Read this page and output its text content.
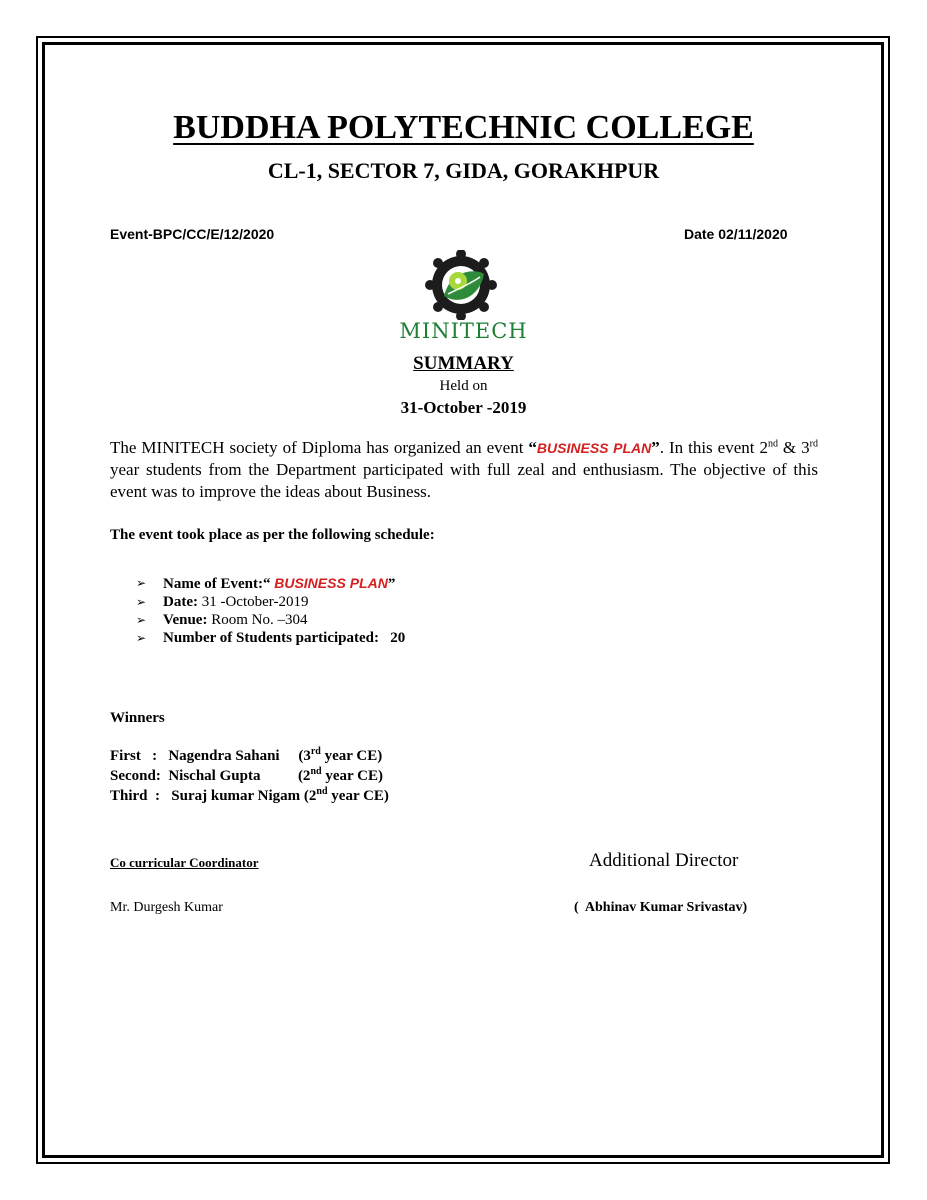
BUDDHA POLYTECHNIC COLLEGE
CL-1, SECTOR 7, GIDA, GORAKHPUR
Event-BPC/CC/E/12/2020	Date 02/11/2020
MINITECH
SUMMARY
Held on
31-October -2019
The MINITECH society of Diploma has organized an event “BUSINESS PLAN”. In this event 2nd & 3rd year students from the Department participated with full zeal and enthusiasm. The objective of this event was to improve the ideas about Business.
The event took place as per the following schedule:
➢	Name of Event:“ BUSINESS PLAN”
➢	Date: 31 -October-2019
➢	Venue: Room No. –304
➢	Number of Students participated:   20
Winners
First   :   Nagendra Sahani     (3rd year CE)
Second:  Nischal Gupta          (2nd year CE)
Third  :   Suraj kumar Nigam (2nd year CE)
Co curricular Coordinator	Additional Director
Mr. Durgesh Kumar	(  Abhinav Kumar Srivastav)
